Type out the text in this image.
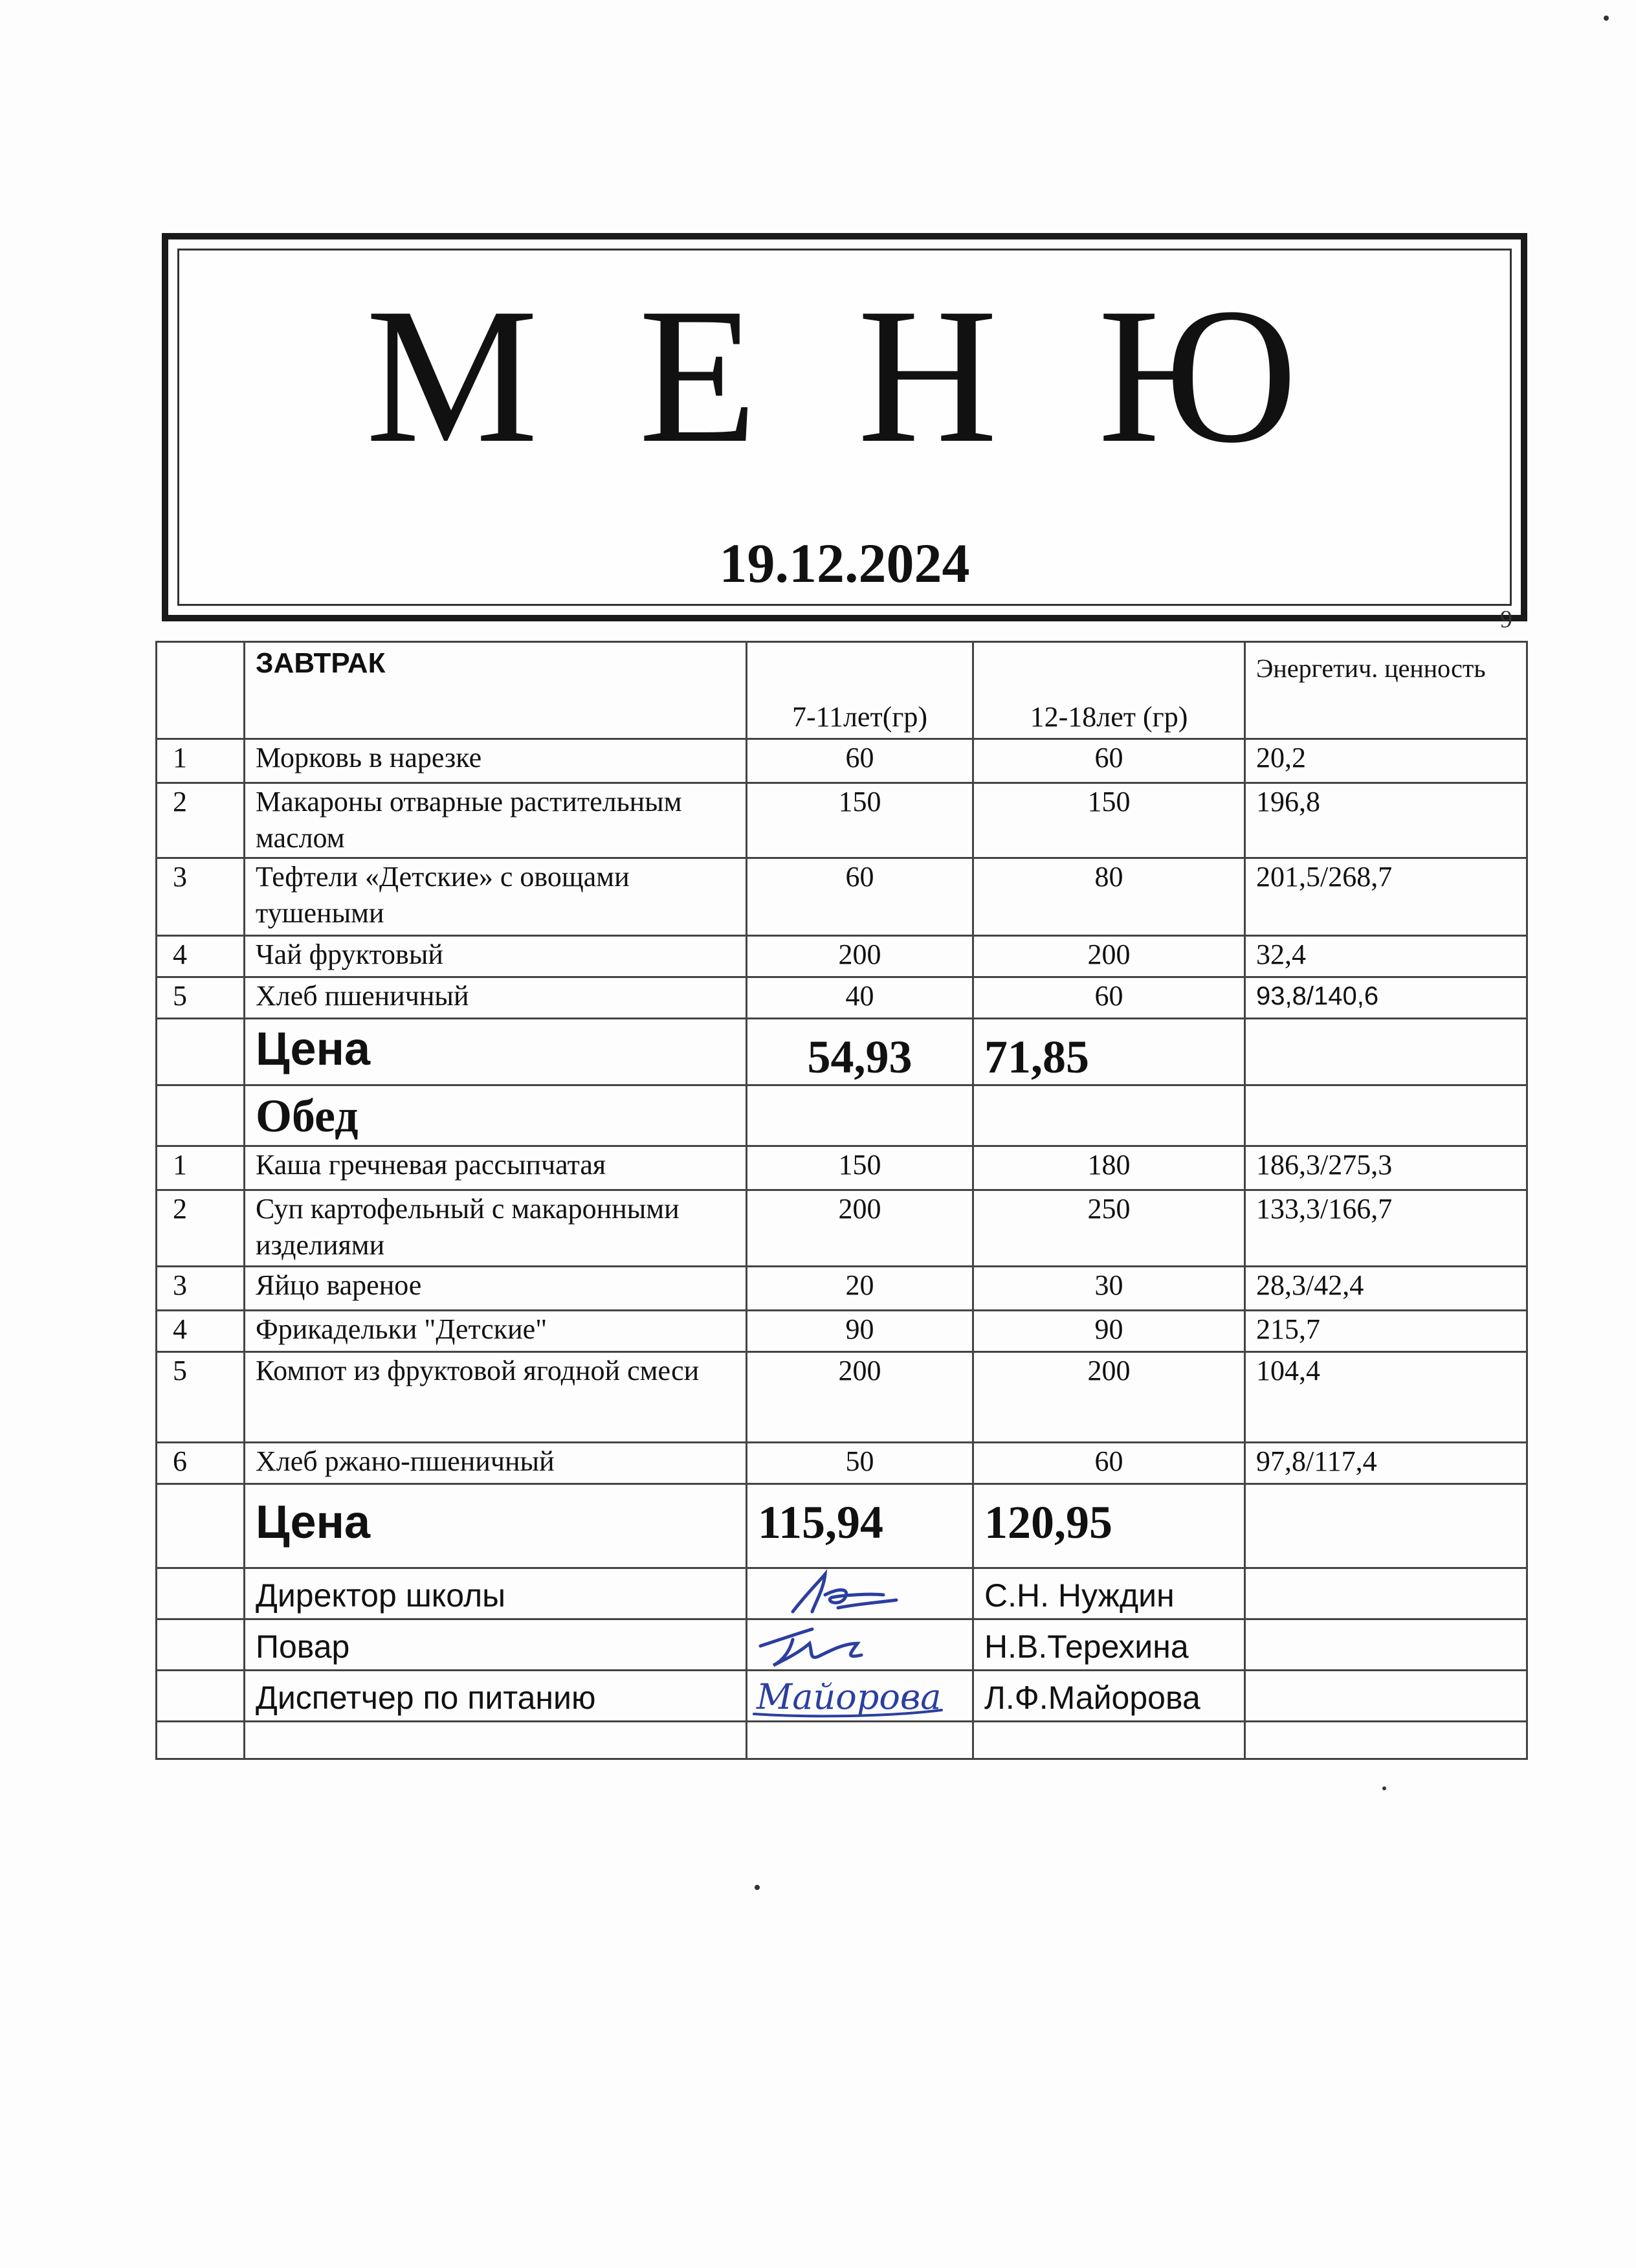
М Е Н Ю
19.12.2024
9
	ЗАВТРАК	7-11лет(гр)	12-18лет (гр)	Энергетич. ценность
1	Морковь в нарезке	60	60	20,2
2	Макароны отварные растительным маслом	150	150	196,8
3	Тефтели «Детские» с овощами тушеными	60	80	201,5/268,7
4	Чай фруктовый	200	200	32,4
5	Хлеб пшеничный	40	60	93,8/140,6
	Цена	54,93	71,85	
	Обед			
1	Каша гречневая рассыпчатая	150	180	186,3/275,3
2	Суп картофельный с макаронными изделиями	200	250	133,3/166,7
3	Яйцо вареное	20	30	28,3/42,4
4	Фрикадельки "Детские"	90	90	215,7
5	Компот из фруктовой ягодной смеси	200	200	104,4
6	Хлеб ржано-пшеничный	50	60	97,8/117,4
	Цена	115,94	120,95	
	Директор школы		С.Н. Нуждин	
	Повар		Н.В.Терехина	
	Диспетчер по питанию	Майорова	Л.Ф.Майорова	
